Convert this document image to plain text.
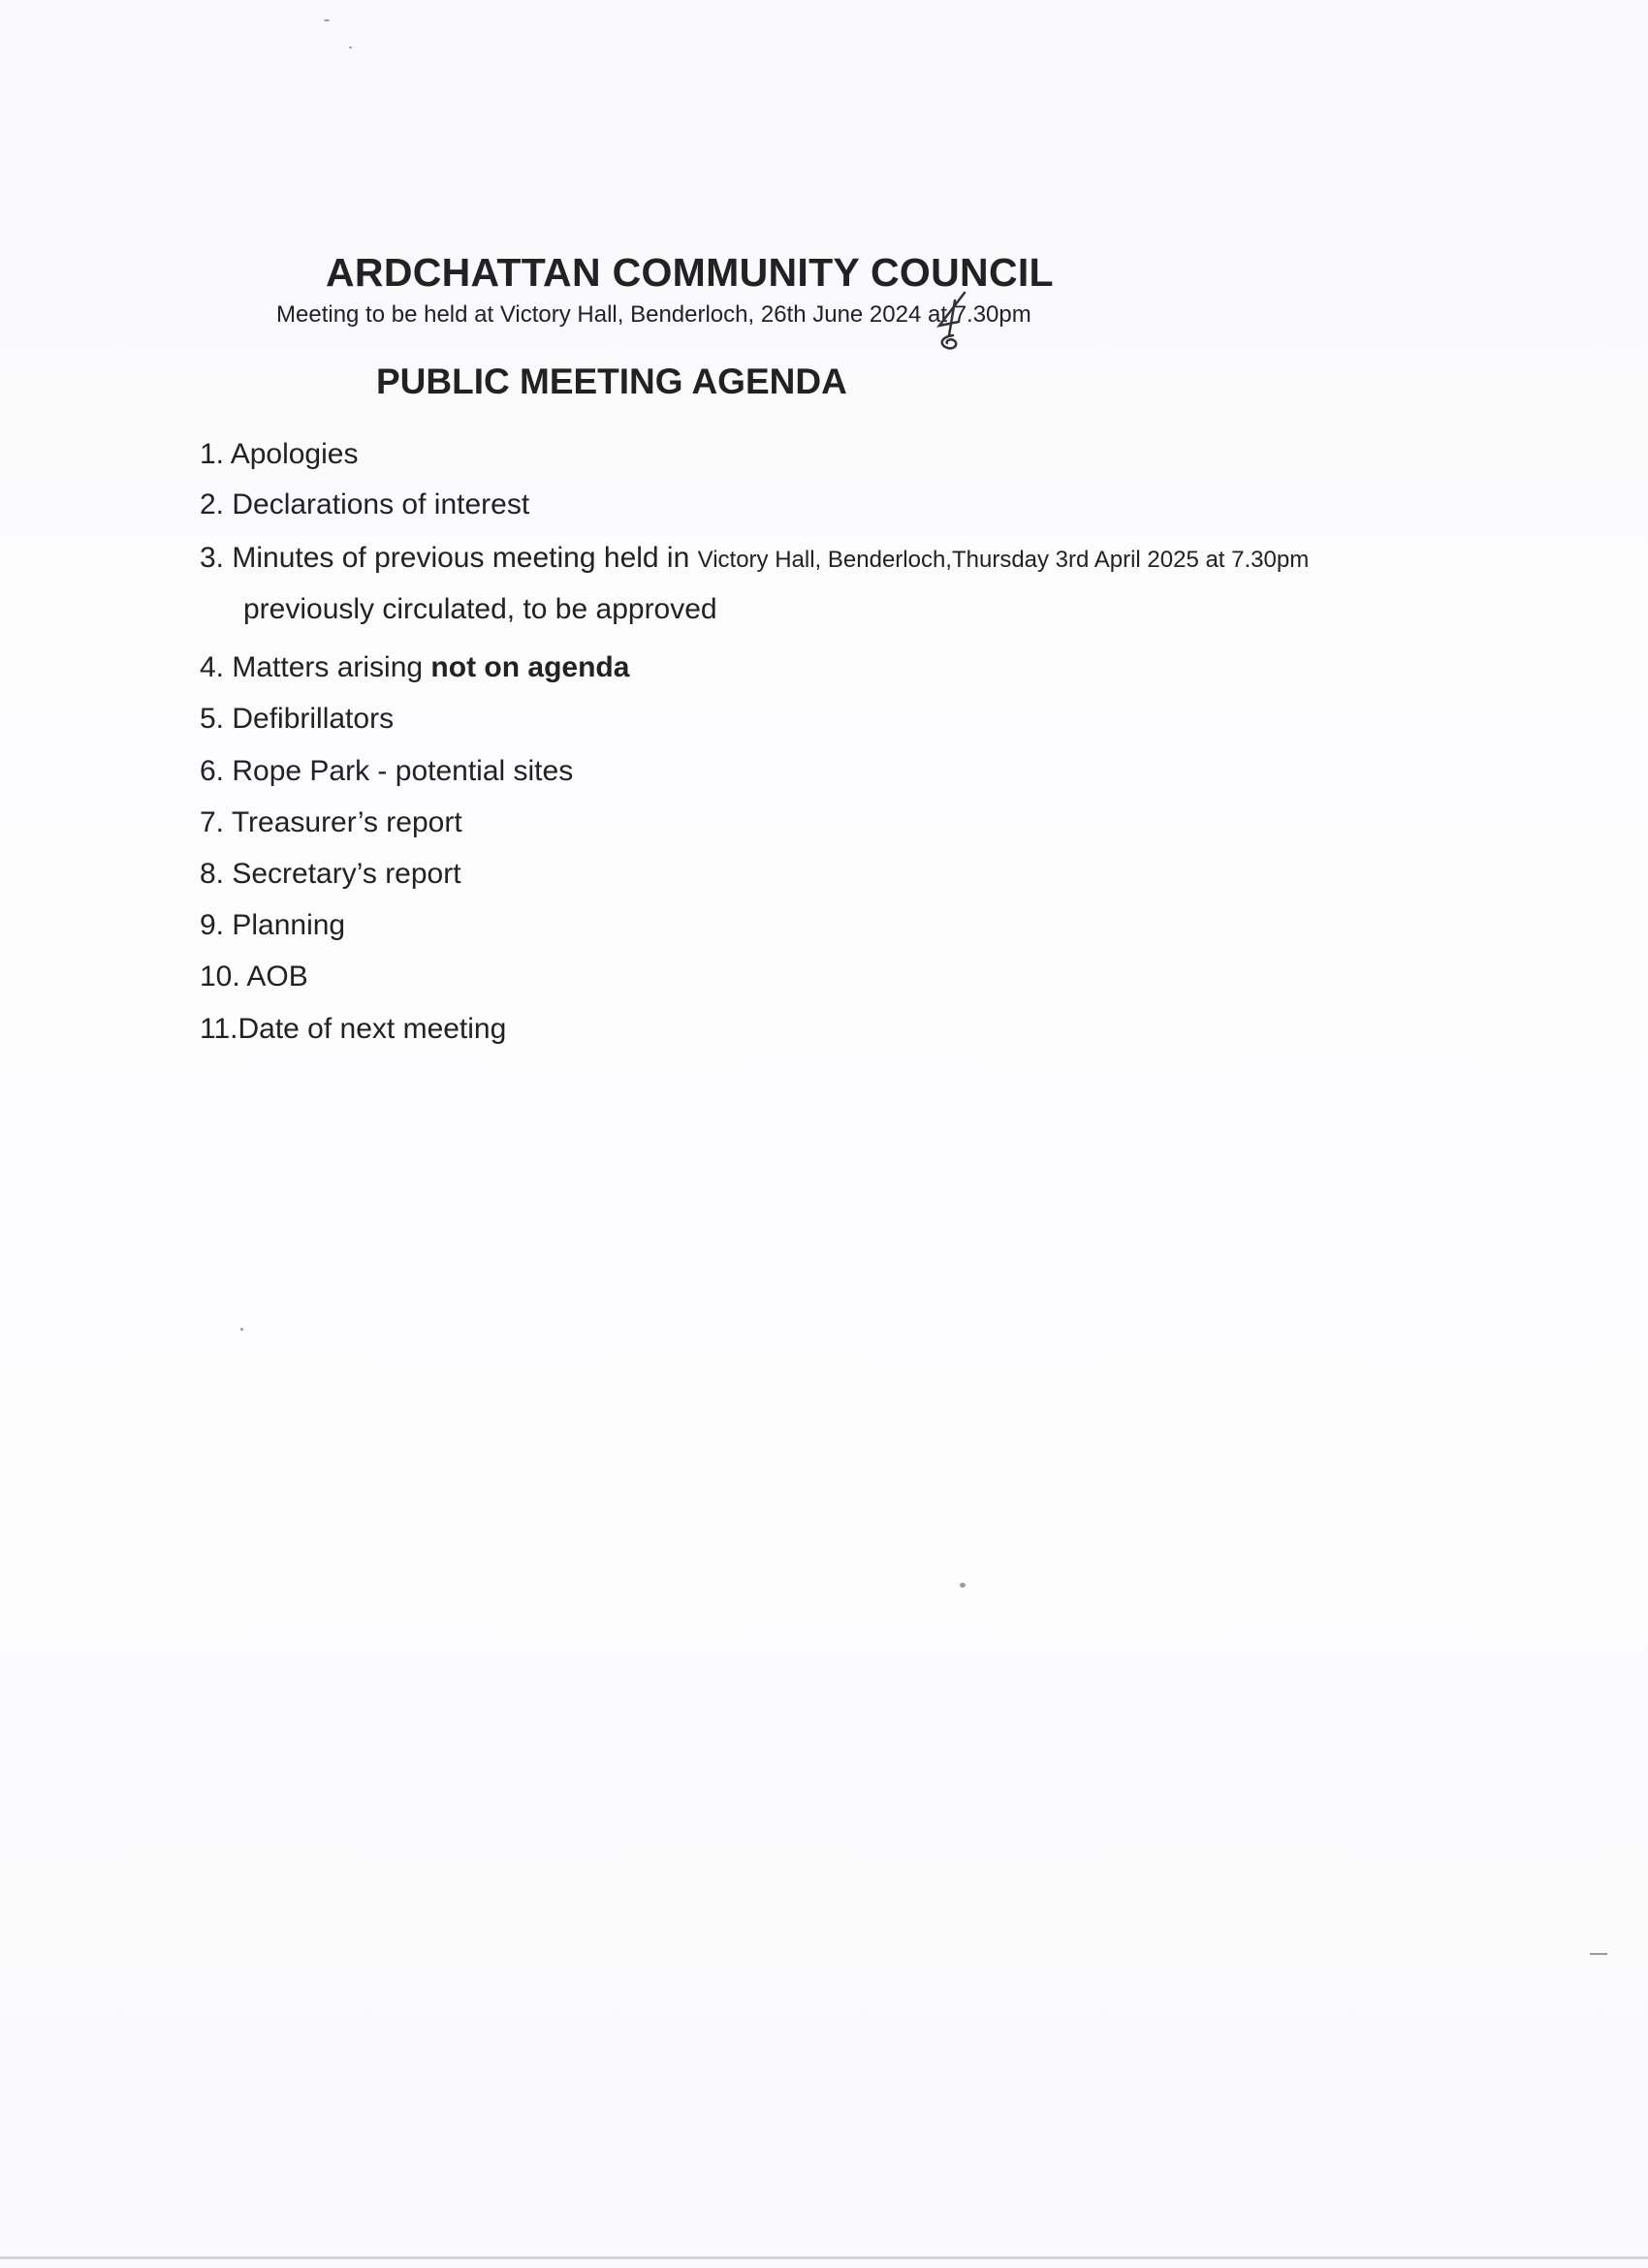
ARDCHATTAN COMMUNITY COUNCIL
Meeting to be held at Victory Hall, Benderloch, 26th June 2024 at 7.30pm
PUBLIC MEETING AGENDA
1. Apologies
2. Declarations of interest
3. Minutes of previous meeting held in Victory Hall, Benderloch,Thursday 3rd April 2025 at 7.30pm
previously circulated, to be approved
4. Matters arising not on agenda
5. Defibrillators
6. Rope Park - potential sites
7. Treasurer’s report
8. Secretary’s report
9. Planning
10. AOB
11.Date of next meeting
